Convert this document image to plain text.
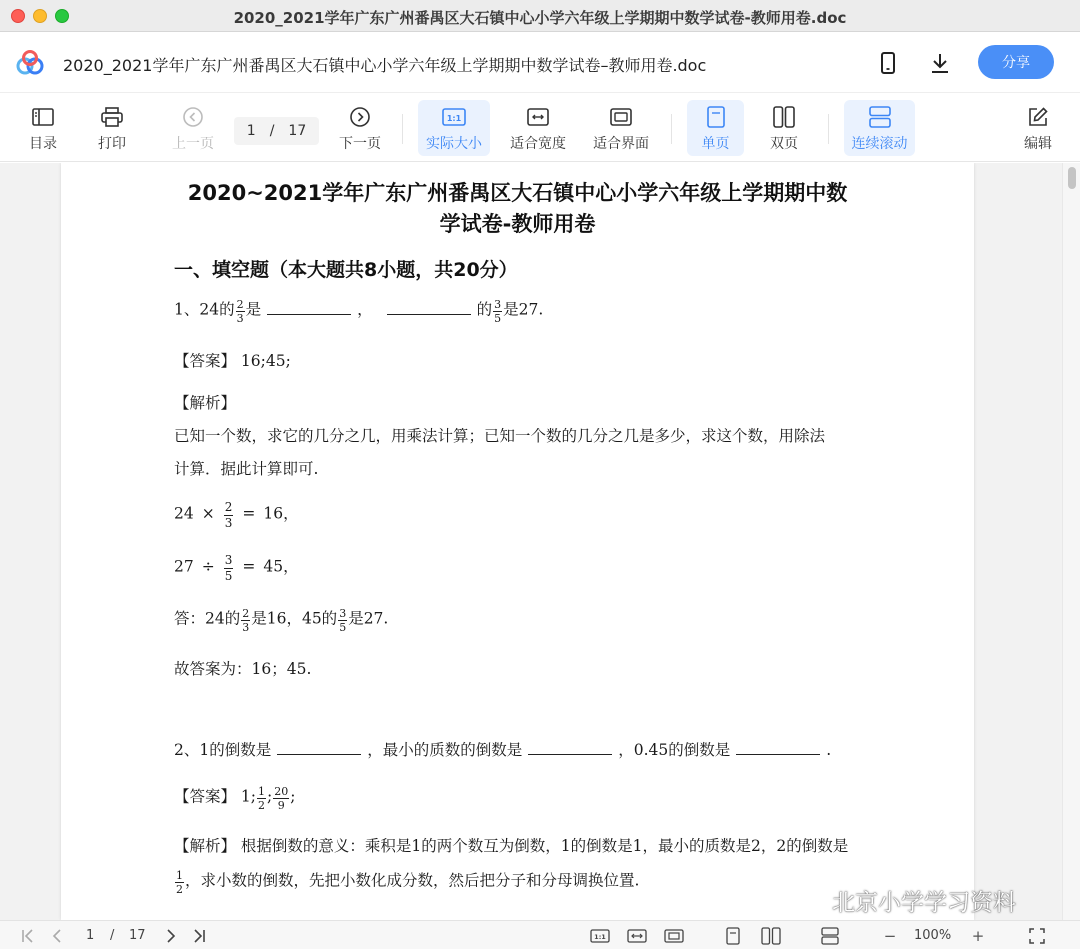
2020_2021学年广东广州番禺区大石镇中心小学六年级上学期期中数学试卷-教师用卷.doc
2020_2021学年广东广州番禺区大石镇中心小学六年级上学期期中数学试卷–教师用卷.doc	分享
目录	打印	上一页
1 / 17
下一页
1:1
实际大小 适合宽度 适合界面	单页	双页	连续滚动	编辑
2020~2021学年广东广州番禺区大石镇中心小学六年级上学期期中数
学试卷-教师用卷
一、填空题（本大题共8小题，共20分）
1、24的 $\frac{2}{3}$ 是	，	的 $\frac{3}{5}$ 是27.
【答案】 16;45;
【解析】
已知一个数，求它的几分之几，用乘法计算；已知一个数的几分之几是多少，求这个数，用除法
计算．据此计算即可.
$24 \times \frac{2}{3} = 16$，
$27 \div \frac{3}{5} = 45$，
答：24的 $\frac{2}{3}$ 是16，45的 $\frac{3}{5}$ 是27.
故答案为：16；45.
2、1的倒数是	，最小的质数的倒数是	，0.45的倒数是	.
【答案】 1; $\frac{1}{2}$ ; $\frac{20}{9}$ ;
【解析】 根据倒数的意义：乘积是1的两个数互为倒数，1的倒数是1，最小的质数是2，2的倒数是
$\frac{1}{2}$ ，求小数的倒数，先把小数化成分数，然后把分子和分母调换位置.
北京小学学习资料
1 / 17	1:1	− 100% +
